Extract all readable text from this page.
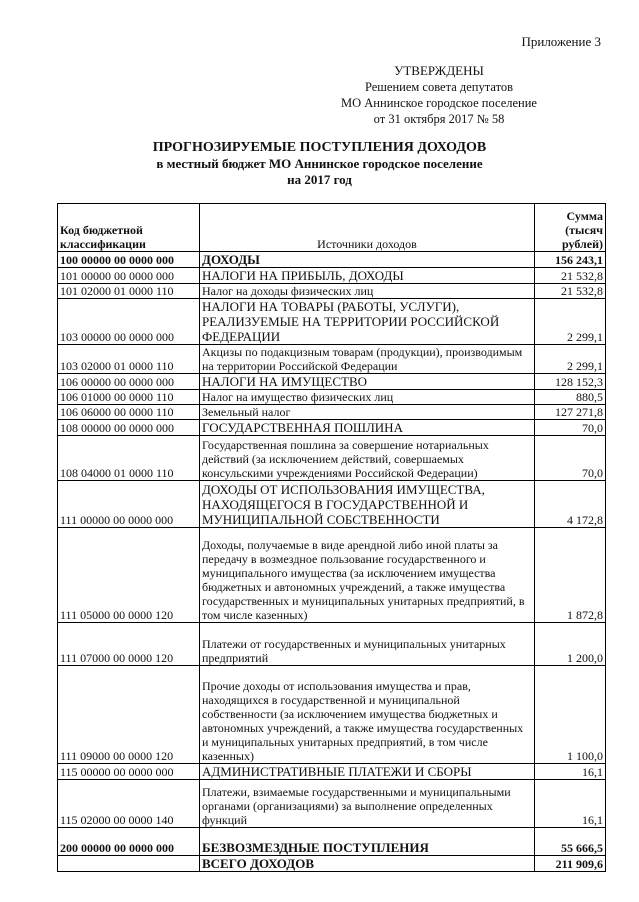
Приложение 3
УТВЕРЖДЕНЫ
Решением совета депутатов
МО Аннинское городское поселение
от 31 октября 2017 № 58
ПРОГНОЗИРУЕМЫЕ ПОСТУПЛЕНИЯ ДОХОДОВ
в местный бюджет МО Аннинское городское поселение
на 2017 год
Код бюджетной классификации	Источники доходов	Сумма (тысяч рублей)
100 00000 00 0000 000	ДОХОДЫ	156 243,1
101 00000 00 0000 000	НАЛОГИ НА ПРИБЫЛЬ, ДОХОДЫ	21 532,8
101 02000 01 0000 110	Налог на доходы физических лиц	21 532,8
103 00000 00 0000 000	НАЛОГИ НА ТОВАРЫ (РАБОТЫ, УСЛУГИ), РЕАЛИЗУЕМЫЕ НА ТЕРРИТОРИИ РОССИЙСКОЙ ФЕДЕРАЦИИ	2 299,1
103 02000 01 0000 110	Акцизы по подакцизным товарам (продукции), производимым на территории Российской Федерации	2 299,1
106 00000 00 0000 000	НАЛОГИ НА ИМУЩЕСТВО	128 152,3
106 01000 00 0000 110	Налог на имущество физических лиц	880,5
106 06000 00 0000 110	Земельный налог	127 271,8
108 00000 00 0000 000	ГОСУДАРСТВЕННАЯ ПОШЛИНА	70,0
108 04000 01 0000 110	Государственная пошлина за совершение нотариальных действий (за исключением действий, совершаемых консульскими учреждениями Российской Федерации)	70,0
111 00000 00 0000 000	ДОХОДЫ ОТ ИСПОЛЬЗОВАНИЯ ИМУЩЕСТВА, НАХОДЯЩЕГОСЯ В ГОСУДАРСТВЕННОЙ И МУНИЦИПАЛЬНОЙ СОБСТВЕННОСТИ	4 172,8
111 05000 00 0000 120	Доходы, получаемые в виде арендной либо иной платы за передачу в возмездное пользование государственного и муниципального имущества (за исключением имущества бюджетных и автономных учреждений, а также имущества государственных и муниципальных унитарных предприятий, в том числе казенных)	1 872,8
111 07000 00 0000 120	Платежи от государственных и муниципальных унитарных предприятий	1 200,0
111 09000 00 0000 120	Прочие доходы от использования имущества и прав, находящихся в государственной и муниципальной собственности (за исключением имущества бюджетных и автономных учреждений, а также имущества государственных и муниципальных унитарных предприятий, в том числе казенных)	1 100,0
115 00000 00 0000 000	АДМИНИСТРАТИВНЫЕ ПЛАТЕЖИ И СБОРЫ	16,1
115 02000 00 0000 140	Платежи, взимаемые государственными и муниципальными органами (организациями) за выполнение определенных функций	16,1
200 00000 00 0000 000	БЕЗВОЗМЕЗДНЫЕ ПОСТУПЛЕНИЯ	55 666,5
	ВСЕГО ДОХОДОВ	211 909,6
